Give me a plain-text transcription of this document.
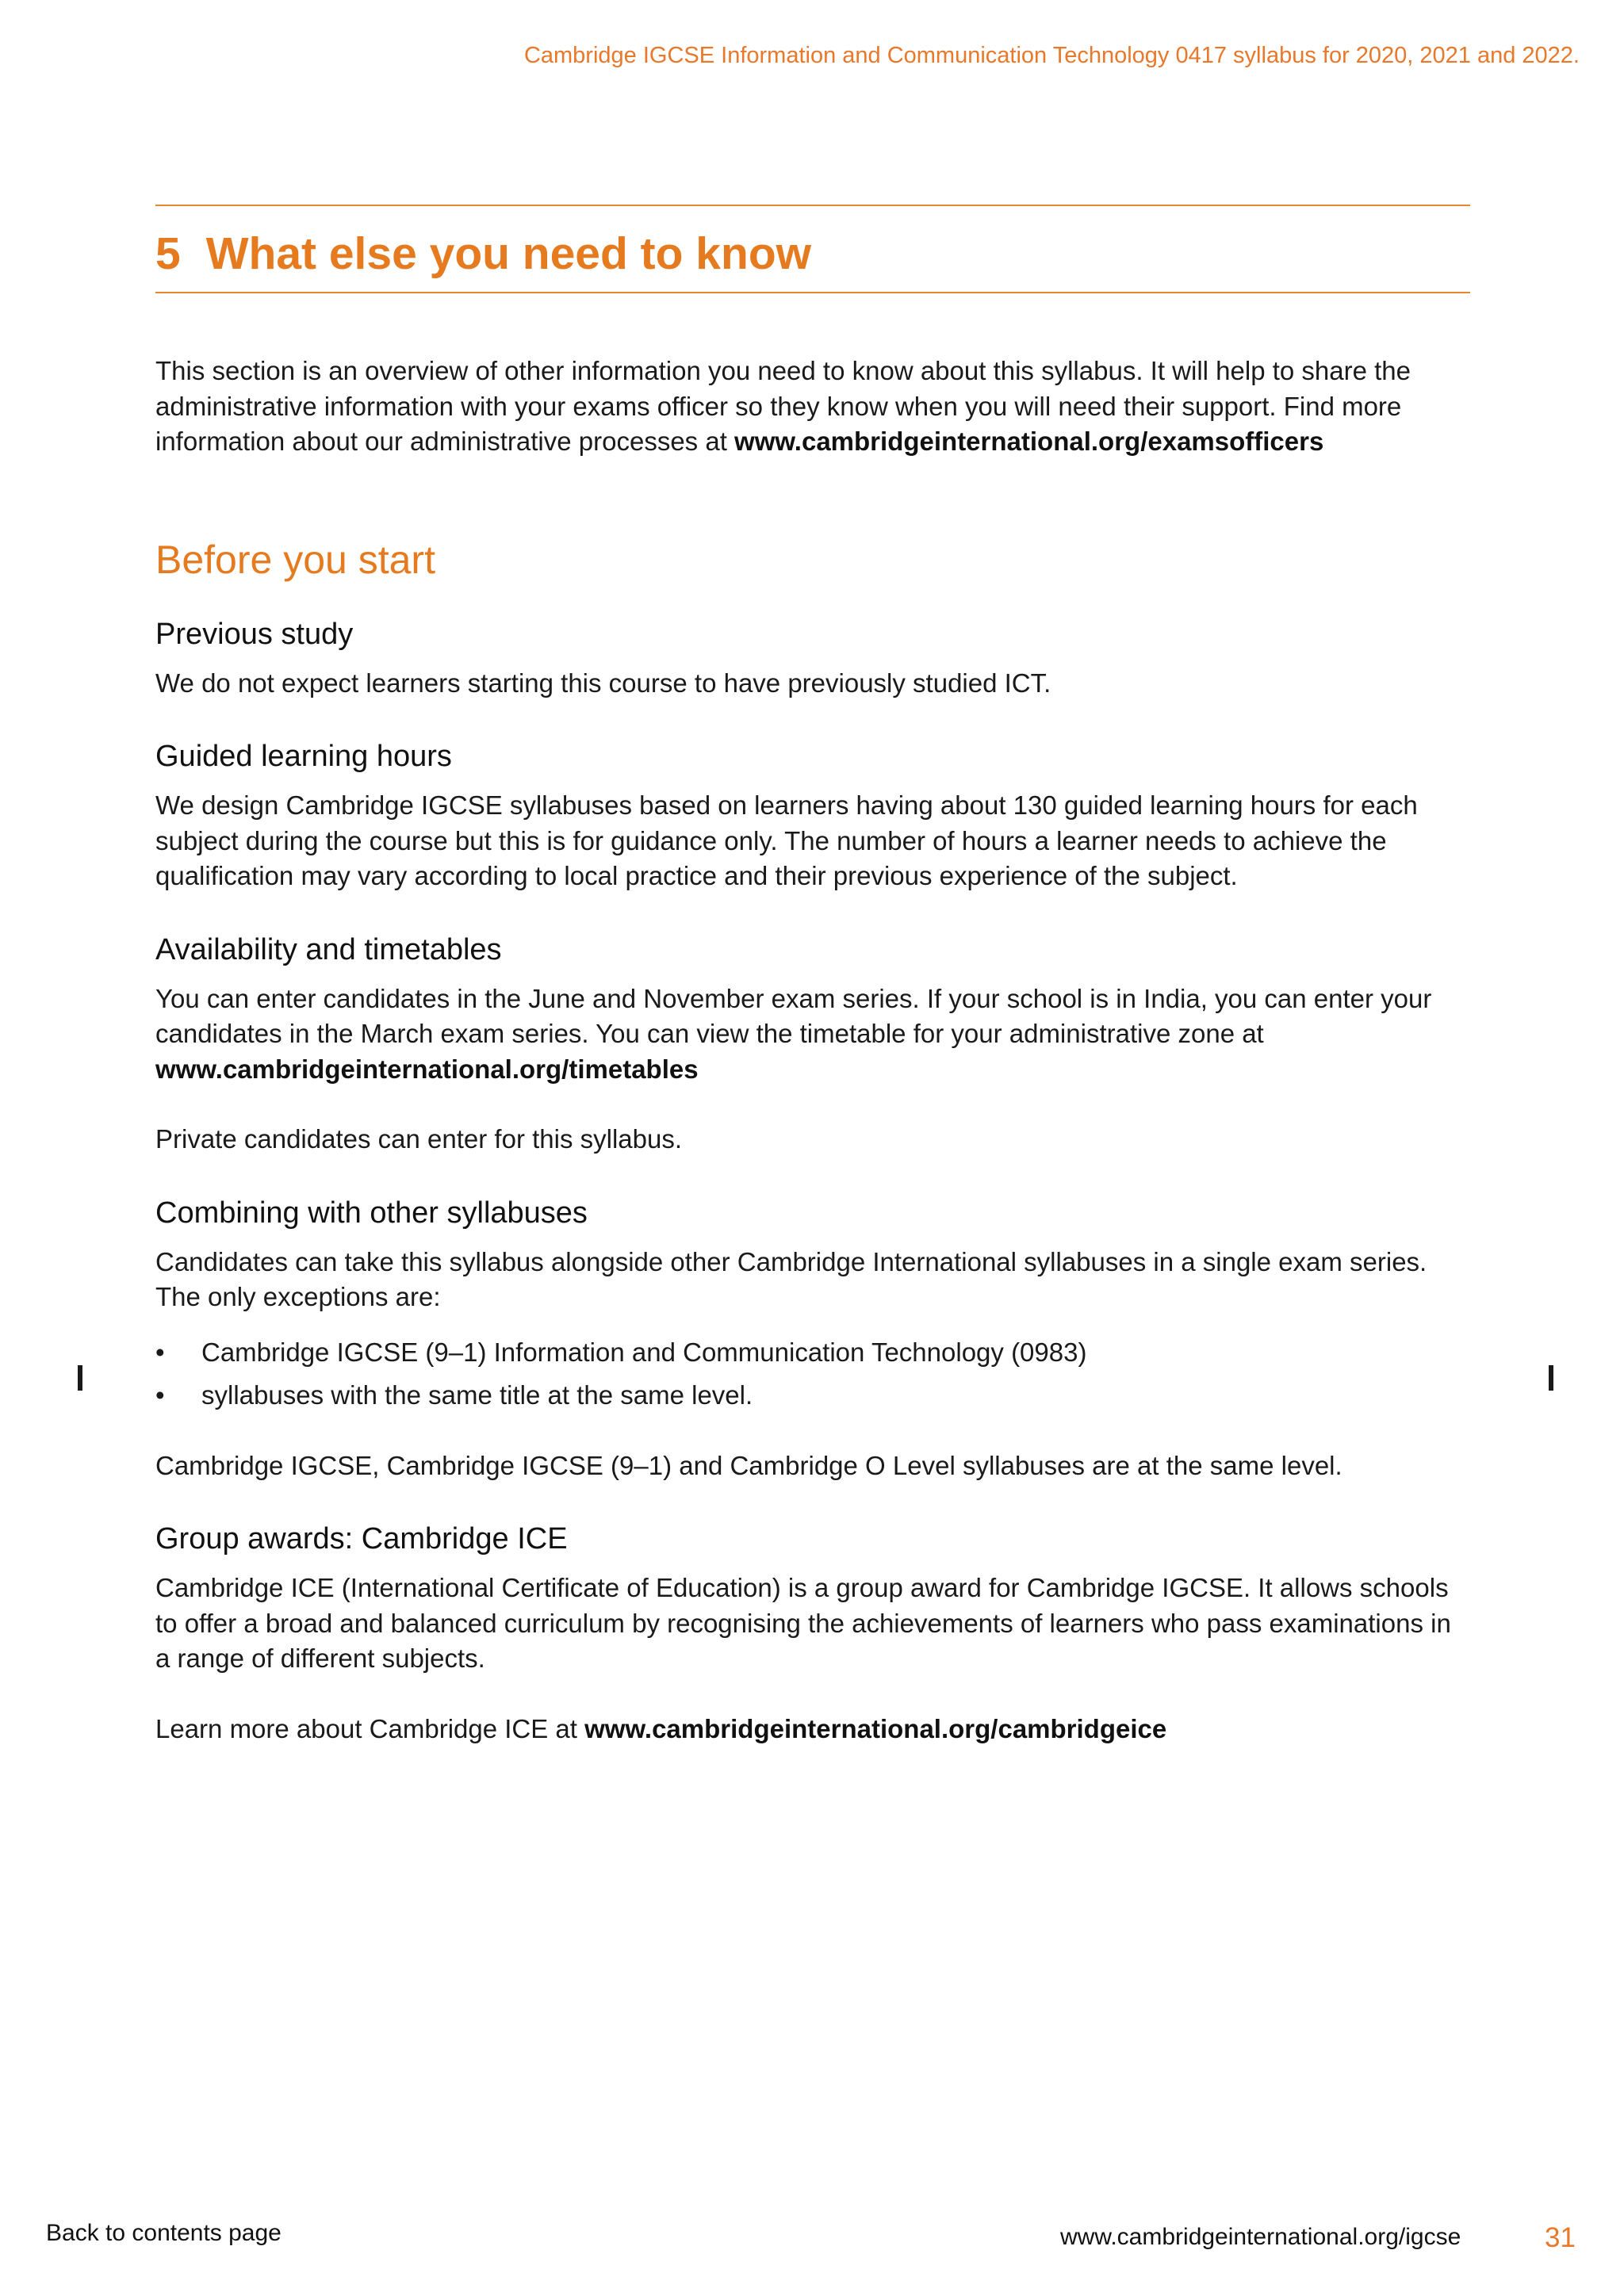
Cambridge IGCSE Information and Communication Technology 0417 syllabus for 2020, 2021 and 2022.
5 What else you need to know

This section is an overview of other information you need to know about this syllabus. It will help to share the administrative information with your exams officer so they know when you will need their support. Find more information about our administrative processes at www.cambridgeinternational.org/examsofficers

Before you start
Previous study

We do not expect learners starting this course to have previously studied ICT.

Guided learning hours

We design Cambridge IGCSE syllabuses based on learners having about 130 guided learning hours for each subject during the course but this is for guidance only. The number of hours a learner needs to achieve the qualification may vary according to local practice and their previous experience of the subject.

Availability and timetables

You can enter candidates in the June and November exam series. If your school is in India, you can enter your candidates in the March exam series. You can view the timetable for your administrative zone at
www.cambridgeinternational.org/timetables

Private candidates can enter for this syllabus.

Combining with other syllabuses

Candidates can take this syllabus alongside other Cambridge International syllabuses in a single exam series. The only exceptions are:

• Cambridge IGCSE (9–1) Information and Communication Technology (0983)
• syllabuses with the same title at the same level.

Cambridge IGCSE, Cambridge IGCSE (9–1) and Cambridge O Level syllabuses are at the same level.

Group awards: Cambridge ICE

Cambridge ICE (International Certificate of Education) is a group award for Cambridge IGCSE. It allows schools to offer a broad and balanced curriculum by recognising the achievements of learners who pass examinations in a range of different subjects.

Learn more about Cambridge ICE at www.cambridgeinternational.org/cambridgeice

Back to contents page	www.cambridgeinternational.org/igcse	31
